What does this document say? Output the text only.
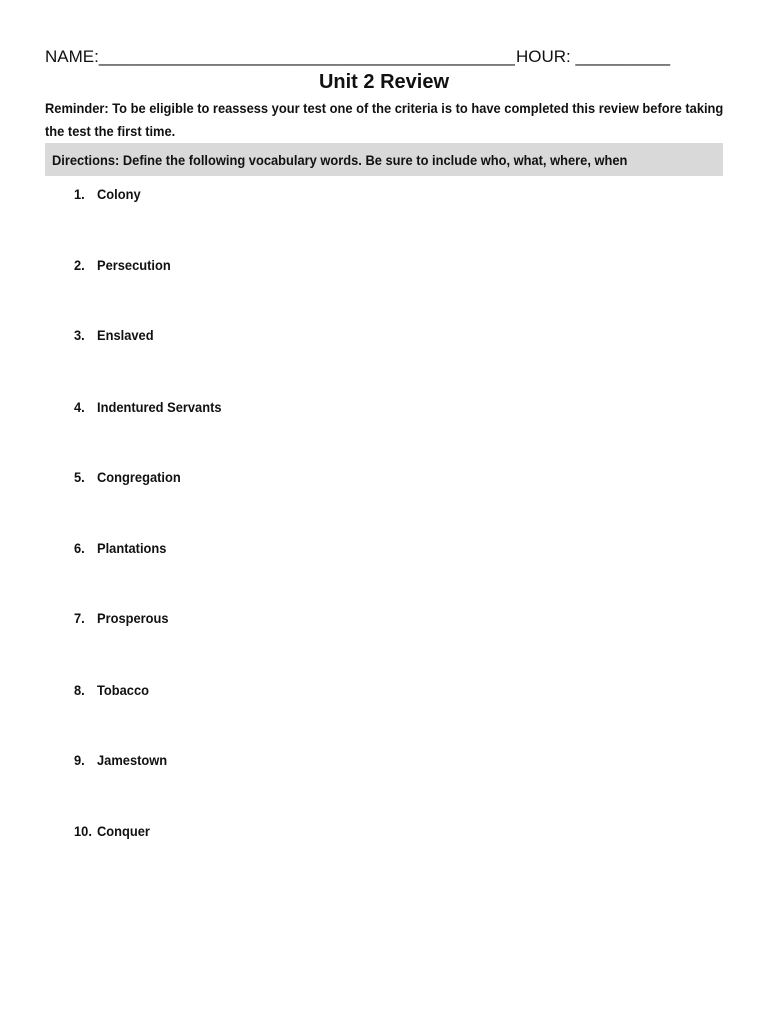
NAME:____________________________________________ HOUR: __________
Unit 2 Review
Reminder: To be eligible to reassess your test one of the criteria is to have completed this review before taking the test the first time.
Directions: Define the following vocabulary words. Be sure to include who, what, where, when
1. Colony
2. Persecution
3. Enslaved
4. Indentured Servants
5. Congregation
6. Plantations
7. Prosperous
8. Tobacco
9. Jamestown
10. Conquer
